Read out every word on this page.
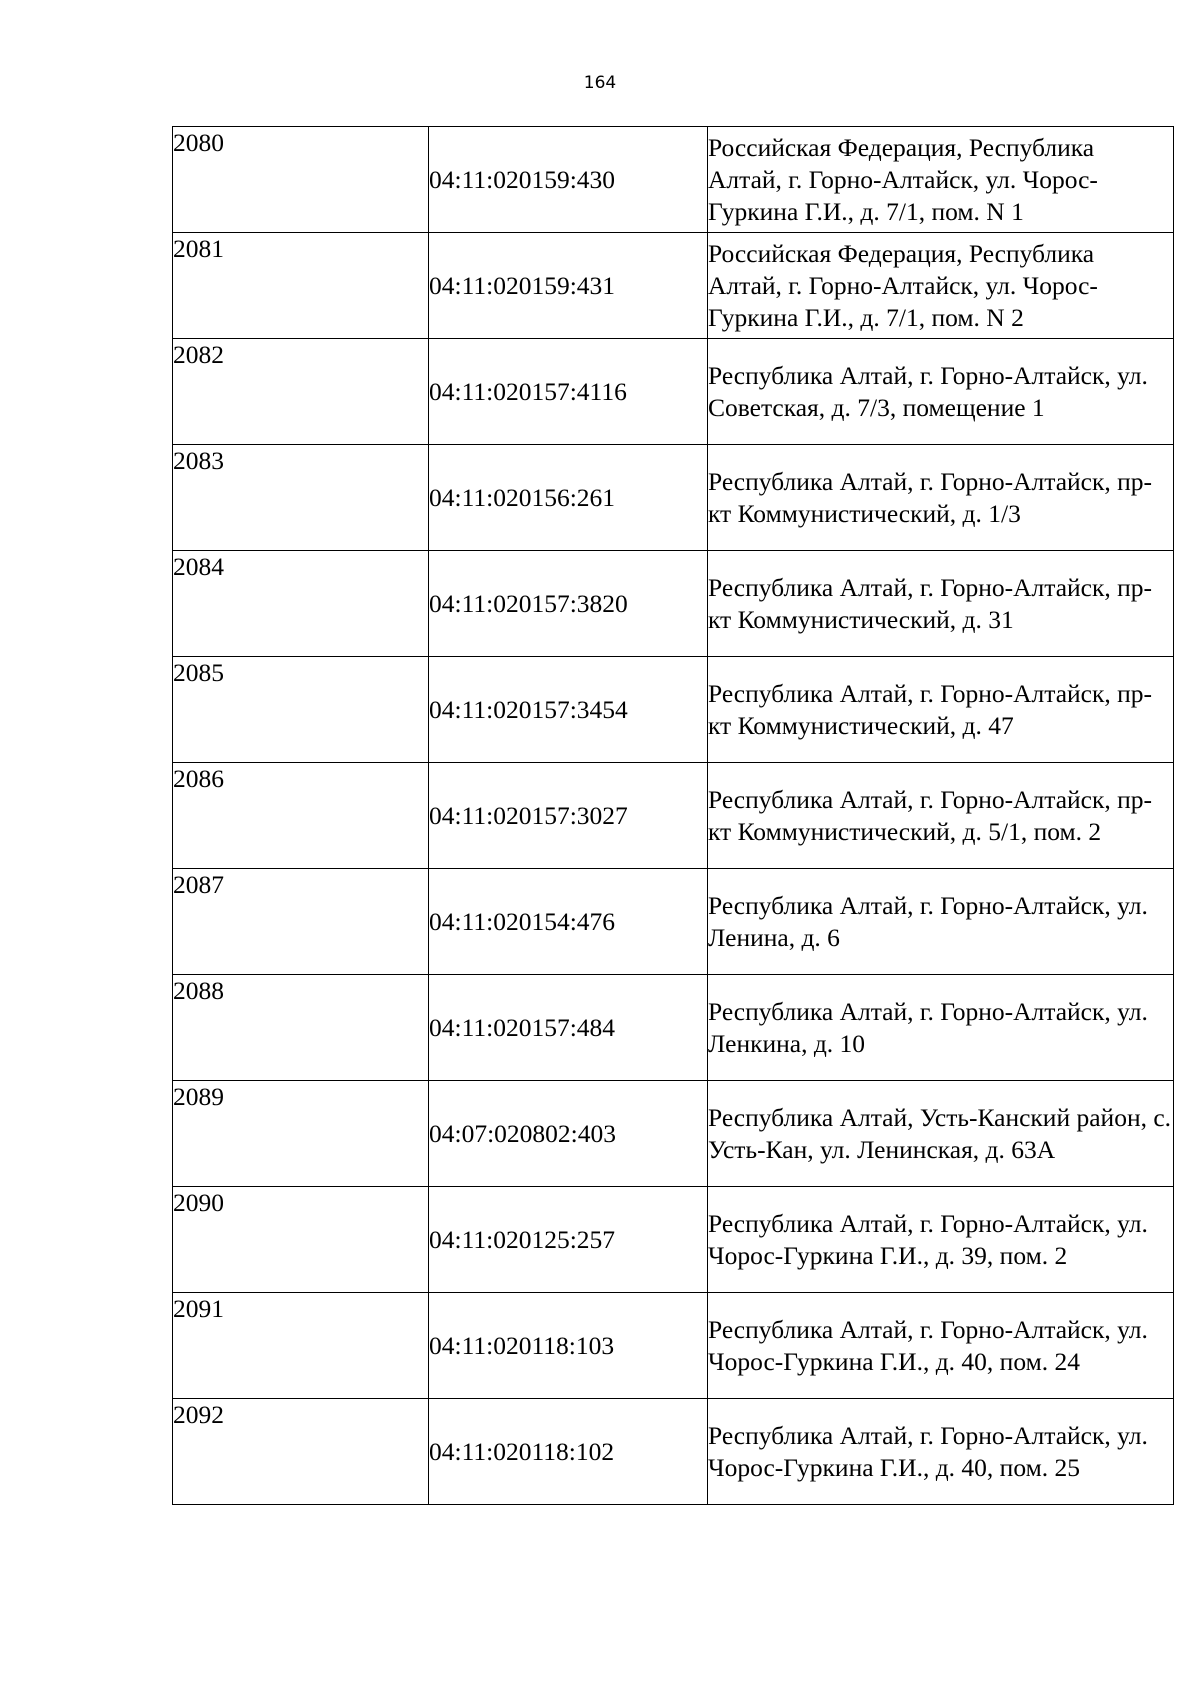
164
2080	04:11:020159:430	Российская Федерация, Республика Алтай, г. Горно-Алтайск, ул. Чорос-Гуркина Г.И., д. 7/1, пом. N 1
2081	04:11:020159:431	Российская Федерация, Республика Алтай, г. Горно-Алтайск, ул. Чорос-Гуркина Г.И., д. 7/1, пом. N 2
2082	04:11:020157:4116	Республика Алтай, г. Горно-Алтайск, ул. Советская, д. 7/3, помещение 1
2083	04:11:020156:261	Республика Алтай, г. Горно-Алтайск, пр-кт Коммунистический, д. 1/3
2084	04:11:020157:3820	Республика Алтай, г. Горно-Алтайск, пр-кт Коммунистический, д. 31
2085	04:11:020157:3454	Республика Алтай, г. Горно-Алтайск, пр-кт Коммунистический, д. 47
2086	04:11:020157:3027	Республика Алтай, г. Горно-Алтайск, пр-кт Коммунистический, д. 5/1, пом. 2
2087	04:11:020154:476	Республика Алтай, г. Горно-Алтайск, ул. Ленина, д. 6
2088	04:11:020157:484	Республика Алтай, г. Горно-Алтайск, ул. Ленкина, д. 10
2089	04:07:020802:403	Республика Алтай, Усть-Канский район, с. Усть-Кан, ул. Ленинская, д. 63А
2090	04:11:020125:257	Республика Алтай, г. Горно-Алтайск, ул. Чорос-Гуркина Г.И., д. 39, пом. 2
2091	04:11:020118:103	Республика Алтай, г. Горно-Алтайск, ул. Чорос-Гуркина Г.И., д. 40, пом. 24
2092	04:11:020118:102	Республика Алтай, г. Горно-Алтайск, ул. Чорос-Гуркина Г.И., д. 40, пом. 25
